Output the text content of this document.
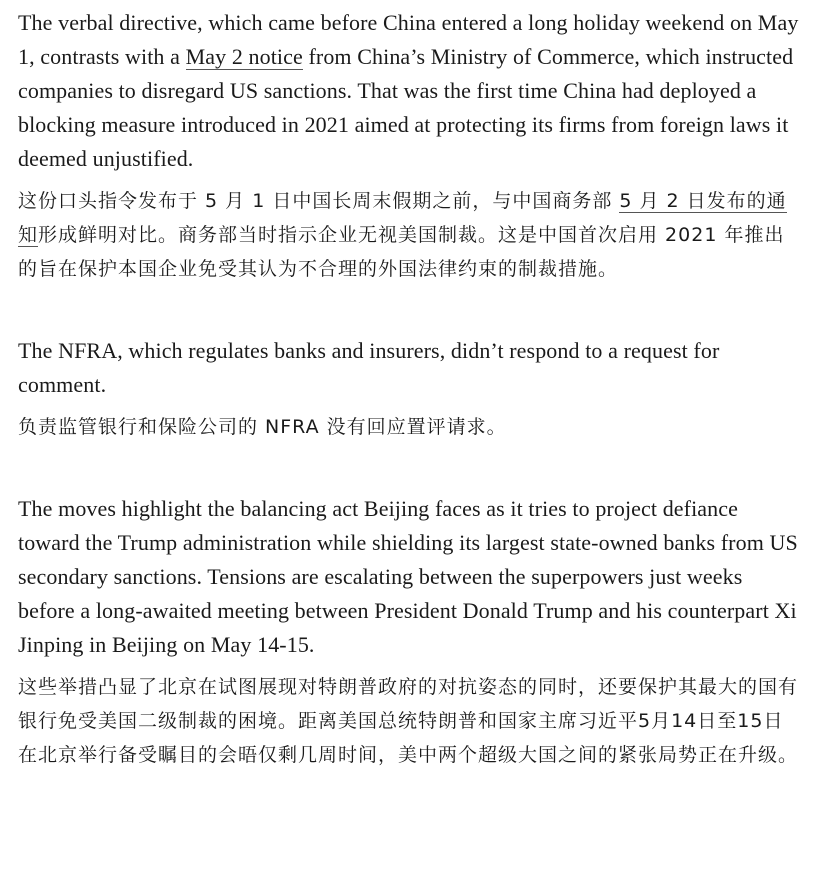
The verbal directive, which came before China entered a long holiday weekend on May 1, contrasts with a May 2 notice from China’s Ministry of Commerce, which instructed companies to disregard US sanctions. That was the first time China had deployed a blocking measure introduced in 2021 aimed at protecting its firms from foreign laws it deemed unjustified.

这份口头指令发布于 5 月 1 日中国长周末假期之前，与中国商务部 5 月 2 日发布的通知形成鲜明对比。商务部当时指示企业无视美国制裁。这是中国首次启用 2021 年推出的旨在保护本国企业免受其认为不合理的外国法律约束的制裁措施。

The NFRA, which regulates banks and insurers, didn’t respond to a request for comment.

负责监管银行和保险公司的 NFRA 没有回应置评请求。

The moves highlight the balancing act Beijing faces as it tries to project defiance toward the Trump administration while shielding its largest state-owned banks from US secondary sanctions. Tensions are escalating between the superpowers just weeks before a long-awaited meeting between President Donald Trump and his counterpart Xi Jinping in Beijing on May 14-15.

这些举措凸显了北京在试图展现对特朗普政府的对抗姿态的同时，还要保护其最大的国有银行免受美国二级制裁的困境。距离美国总统特朗普和国家主席习近平5月14日至15日在北京举行备受瞩目的会晤仅剩几周时间，美中两个超级大国之间的紧张局势正在升级。
